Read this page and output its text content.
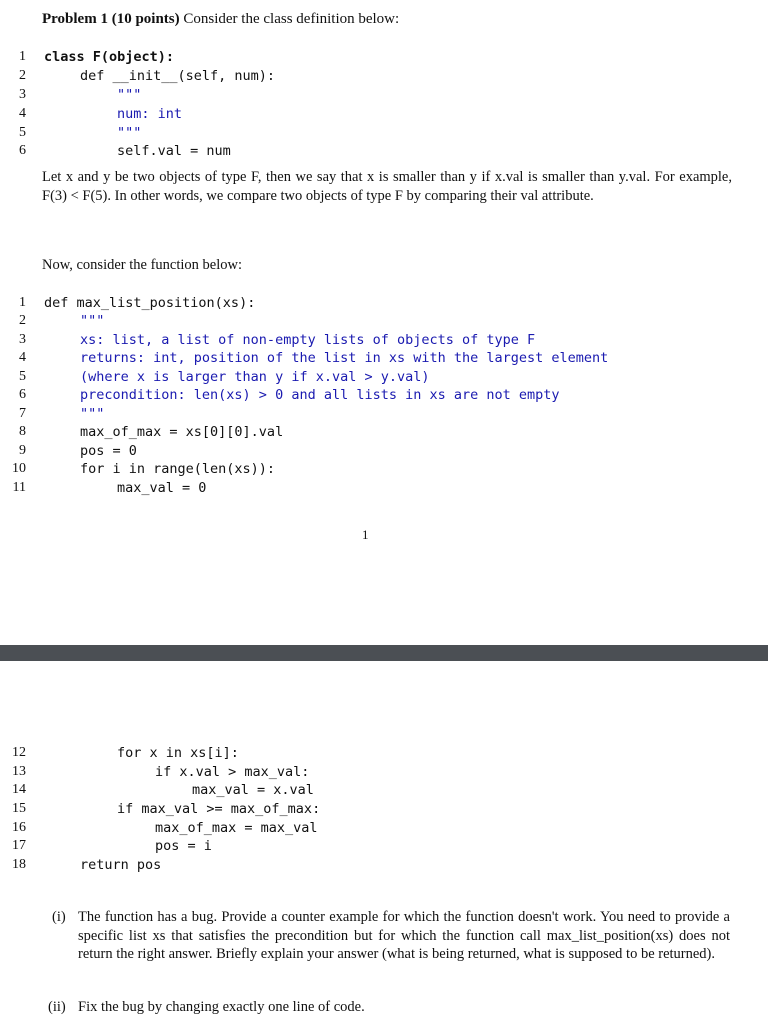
Problem 1 (10 points) Consider the class definition below:
1 class F(object):
2	def __init__(self, num):
3	"""
4	num: int
5	"""
6	self.val = num

Let x and y be two objects of type F, then we say that x is smaller than y if x.val is smaller than y.val. For example, F(3) < F(5). In other words, we compare two objects of type F by comparing their val attribute.

Now, consider the function below:

1 def max_list_position(xs):
2	"""
3	xs: list, a list of non-empty lists of objects of type F
4	returns: int, position of the list in xs with the largest element
5	(where x is larger than y if x.val > y.val)
6	precondition: len(xs) > 0 and all lists in xs are not empty
7	"""
8	max_of_max = xs[0][0].val
9	pos = 0
10	for i in range(len(xs)):
11	max_val = 0
1
12	for x in xs[i]:
13	if x.val > max_val:
14	max_val = x.val
15	if max_val >= max_of_max:
16	max_of_max = max_val
17	pos = i
18	return pos
(i) The function has a bug. Provide a counter example for which the function doesn't work. You need to provide a specific list xs that satisfies the precondition but for which the function call max_list_position(xs) does not return the right answer. Briefly explain your answer (what is being returned, what is supposed to be returned).
(ii) Fix the bug by changing exactly one line of code.
